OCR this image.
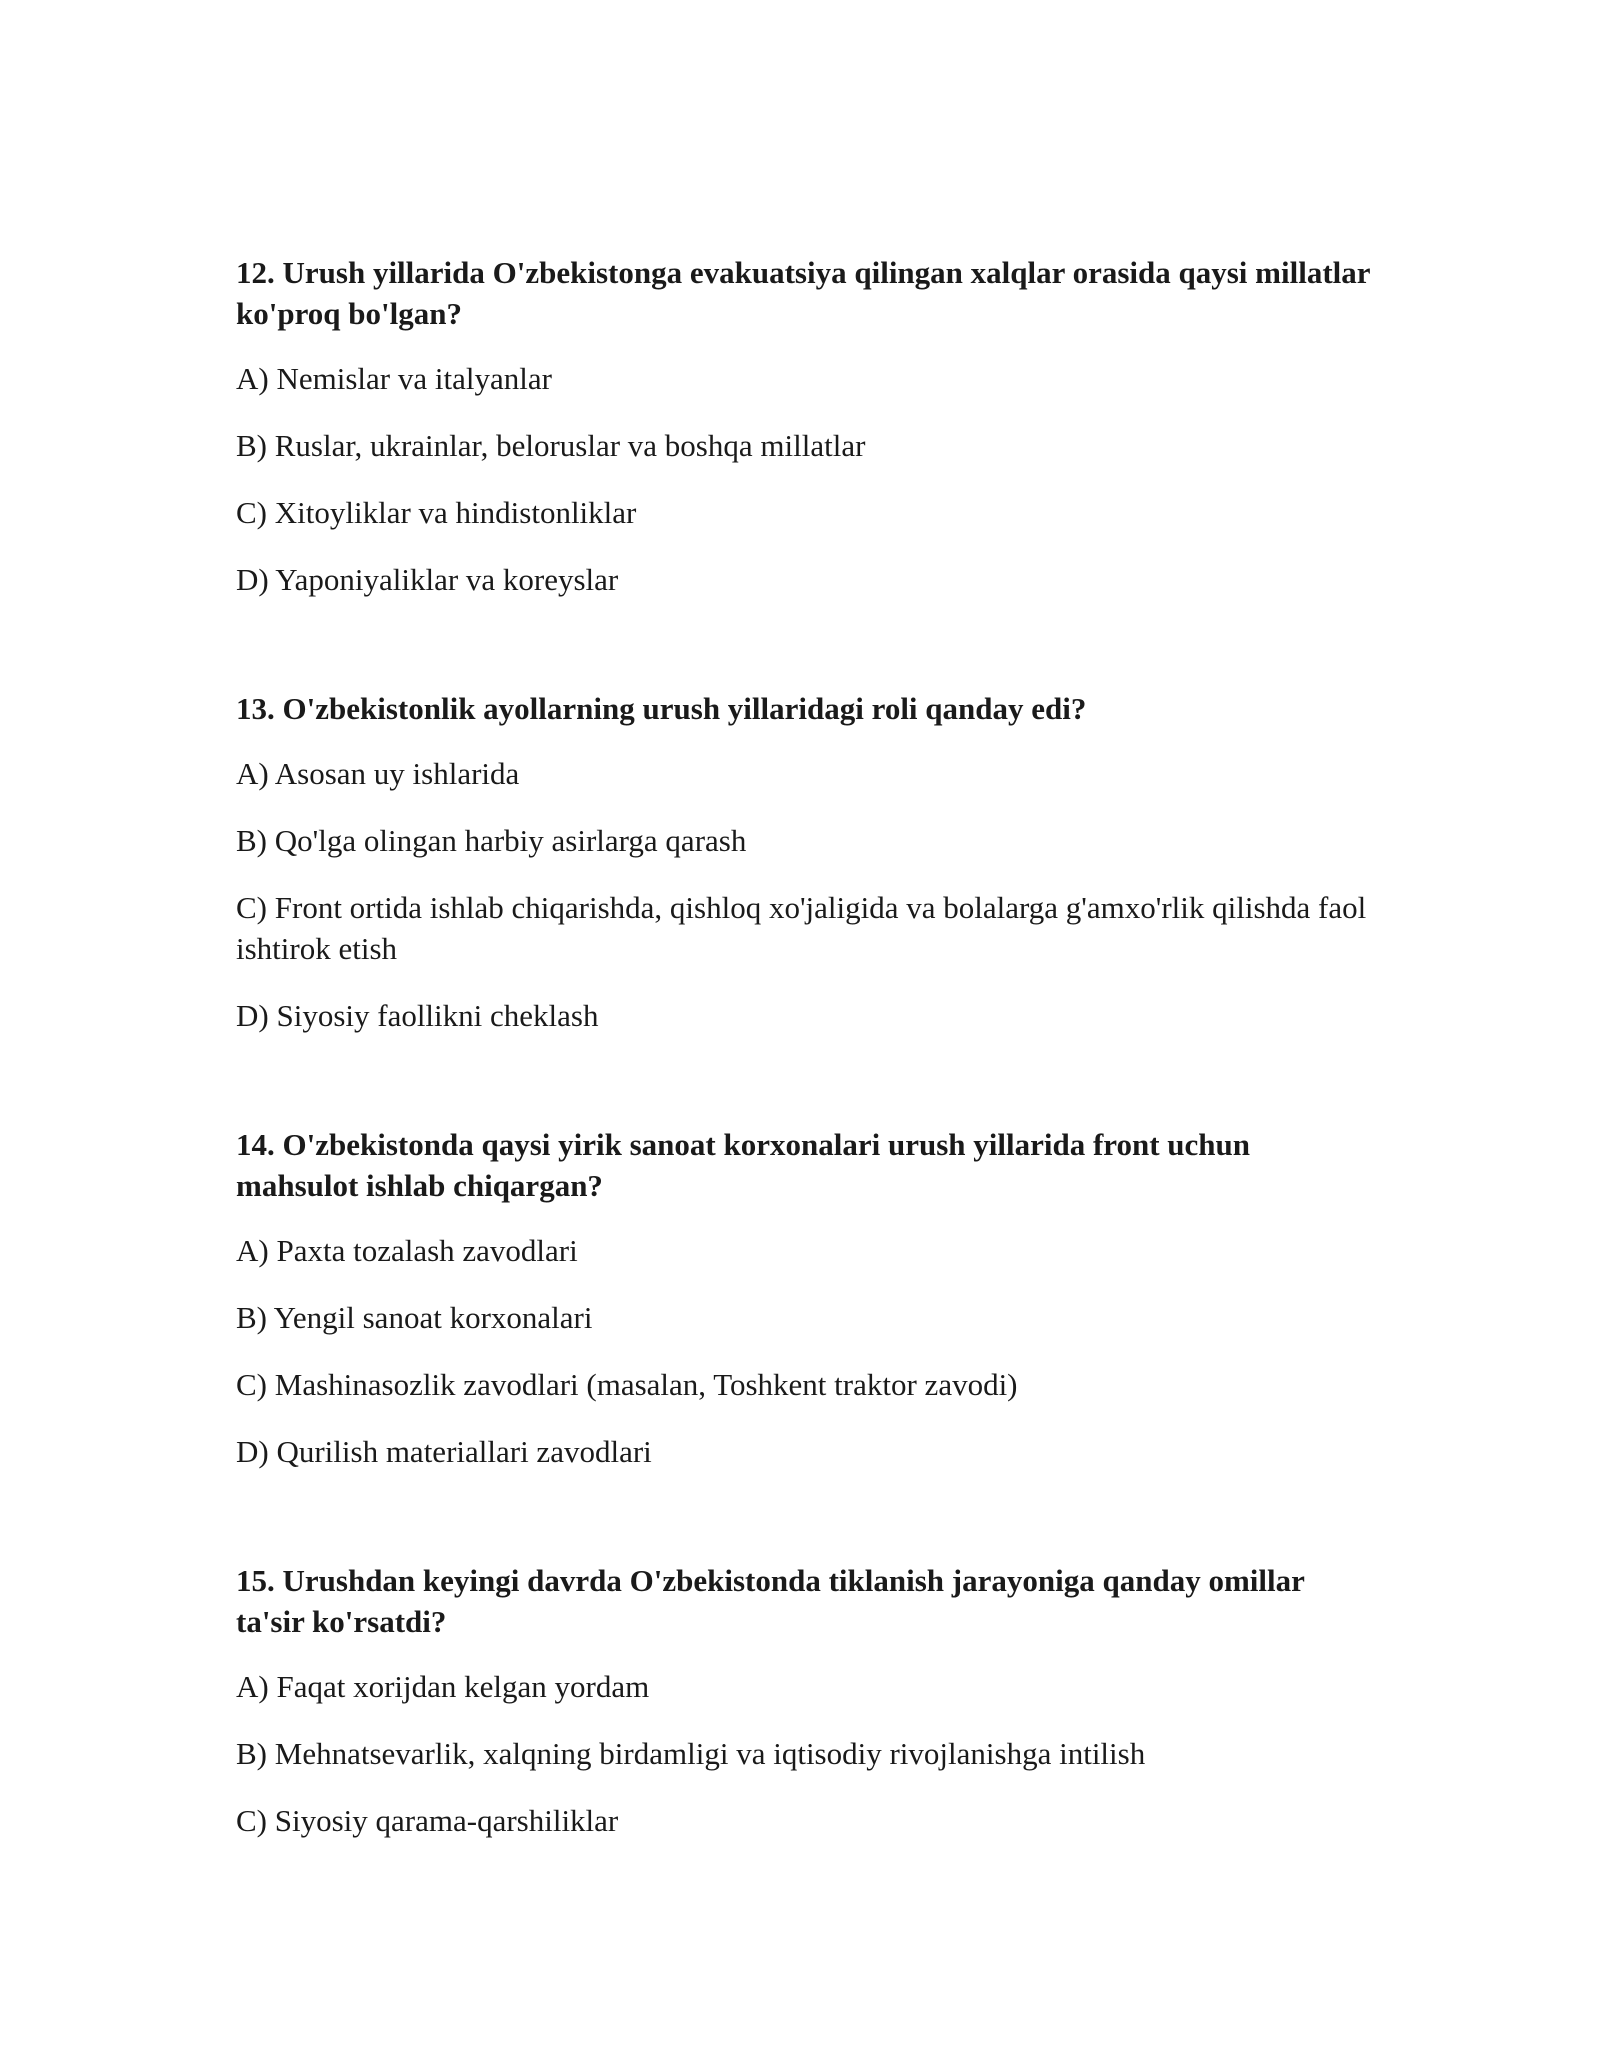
12. Urush yillarida O'zbekistonga evakuatsiya qilingan xalqlar orasida qaysi millatlar ko'proq bo'lgan?

A) Nemislar va italyanlar

B) Ruslar, ukrainlar, beloruslar va boshqa millatlar

C) Xitoyliklar va hindistonliklar

D) Yaponiyaliklar va koreyslar

13. O'zbekistonlik ayollarning urush yillaridagi roli qanday edi?

A) Asosan uy ishlarida

B) Qo'lga olingan harbiy asirlarga qarash

C) Front ortida ishlab chiqarishda, qishloq xo'jaligida va bolalarga g'amxo'rlik qilishda faol ishtirok etish

D) Siyosiy faollikni cheklash

14. O'zbekistonda qaysi yirik sanoat korxonalari urush yillarida front uchun mahsulot ishlab chiqargan?

A) Paxta tozalash zavodlari

B) Yengil sanoat korxonalari

C) Mashinasozlik zavodlari (masalan, Toshkent traktor zavodi)

D) Qurilish materiallari zavodlari

15. Urushdan keyingi davrda O'zbekistonda tiklanish jarayoniga qanday omillar ta'sir ko'rsatdi?

A) Faqat xorijdan kelgan yordam

B) Mehnatsevarlik, xalqning birdamligi va iqtisodiy rivojlanishga intilish

C) Siyosiy qarama-qarshiliklar
